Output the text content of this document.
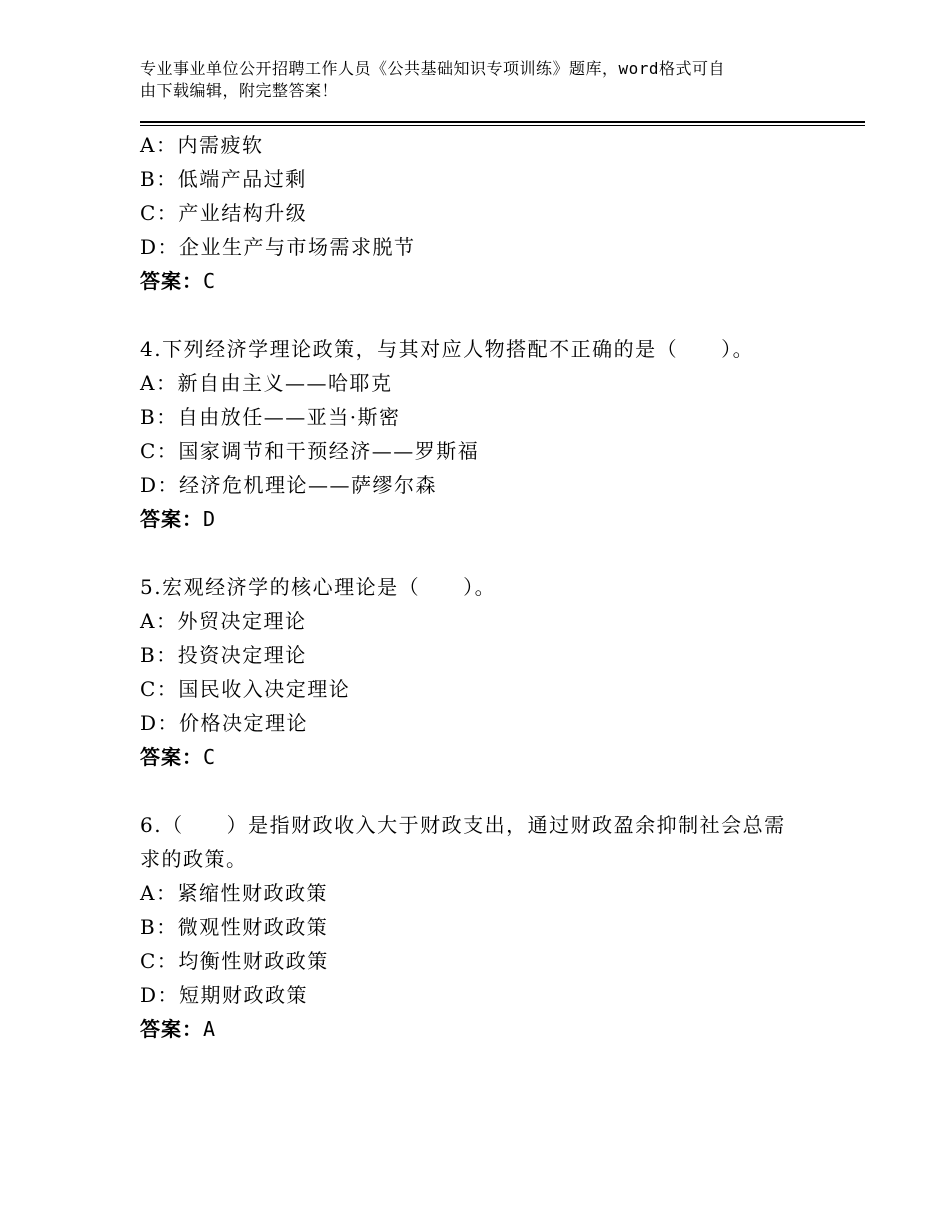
专业事业单位公开招聘工作人员《公共基础知识专项训练》题库，word格式可自
由下载编辑，附完整答案！
A：内需疲软
B：低端产品过剩
C：产业结构升级
D：企业生产与市场需求脱节
答案：C
4.下列经济学理论政策，与其对应人物搭配不正确的是（　　）。
A：新自由主义——哈耶克
B：自由放任——亚当·斯密
C：国家调节和干预经济——罗斯福
D：经济危机理论——萨缪尔森
答案：D
5.宏观经济学的核心理论是（　　）。
A：外贸决定理论
B：投资决定理论
C：国民收入决定理论
D：价格决定理论
答案：C
6.（　　）是指财政收入大于财政支出，通过财政盈余抑制社会总需
求的政策。
A：紧缩性财政政策
B：微观性财政政策
C：均衡性财政政策
D：短期财政政策
答案：A
